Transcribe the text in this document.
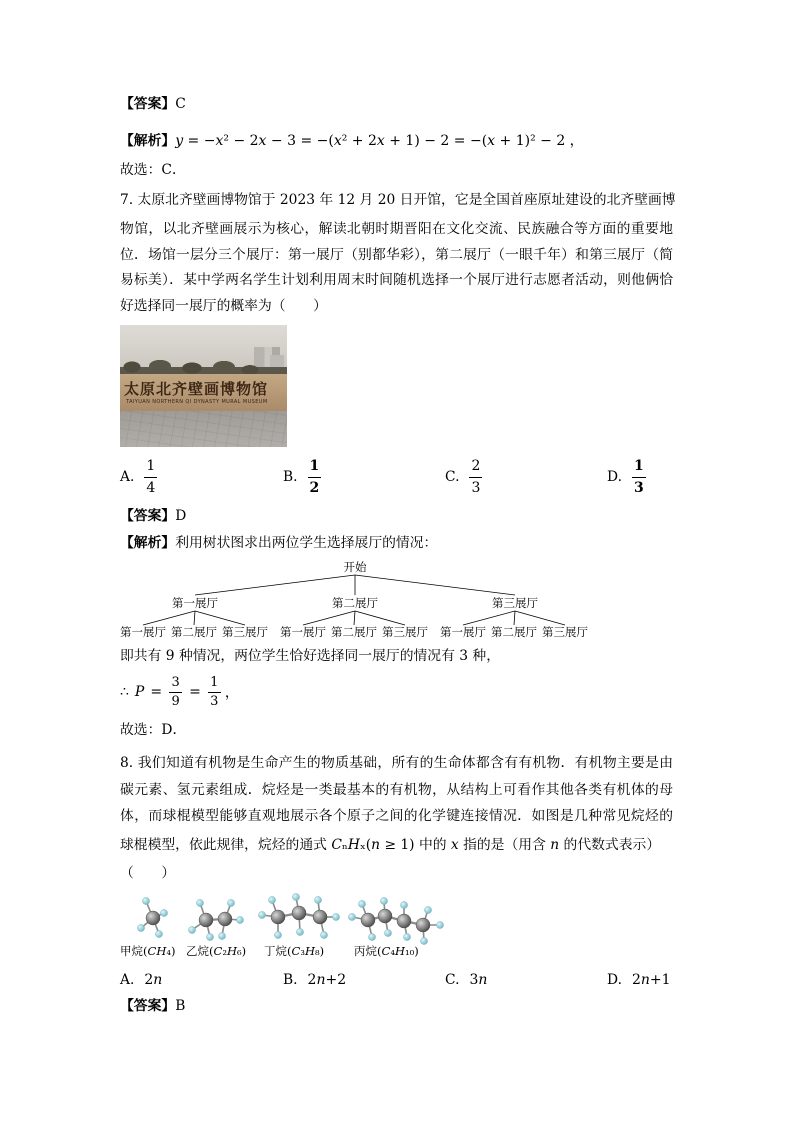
【答案】C
【解析】y = −x² − 2x − 3 = −(x² + 2x + 1) − 2 = −(x + 1)² − 2 ，
故选：C．
7. 太原北齐壁画博物馆于 2023 年 12 月 20 日开馆，它是全国首座原址建设的北齐壁画博
物馆，以北齐壁画展示为核心，解读北朝时期晋阳在文化交流、民族融合等方面的重要地
位．场馆一层分三个展厅：第一展厅（别都华彩），第二展厅（一眼千年）和第三展厅（简
易标美）．某中学两名学生计划利用周末时间随机选择一个展厅进行志愿者活动，则他俩恰
好选择同一展厅的概率为（　　）
太原北齐壁画博物馆
TAIYUAN NORTHERN QI DYNASTY MURAL MUSEUM
A. $\frac{1}{4}$	B. $\frac{1}{2}$	C. $\frac{2}{3}$	D. $\frac{1}{3}$
【答案】D
【解析】利用树状图求出两位学生选择展厅的情况：
开始
第一展厅	第二展厅	第三展厅
第一展厅 第二展厅 第三展厅 第一展厅 第二展厅 第三展厅 第一展厅 第二展厅 第三展厅
即共有 9 种情况，两位学生恰好选择同一展厅的情况有 3 种，
∴ $P = \frac{3}{9} = \frac{1}{3}$ ，
故选：D．
8. 我们知道有机物是生命产生的物质基础，所有的生命体都含有有机物．有机物主要是由
碳元素、氢元素组成．烷烃是一类最基本的有机物，从结构上可看作其他各类有机体的母
体，而球棍模型能够直观地展示各个原子之间的化学键连接情况．如图是几种常见烷烃的
球棍模型，依此规律，烷烃的通式 CₙHₓ(n ≥ 1) 中的 x 指的是（用含 n 的代数式表示）
（　　）
甲烷(CH₄) 乙烷(C₂H₆) 丁烷(C₃H₈)	丙烷(C₄H₁₀)
A. 2n	B. 2n+2	C. 3n	D. 2n+1
【答案】B
